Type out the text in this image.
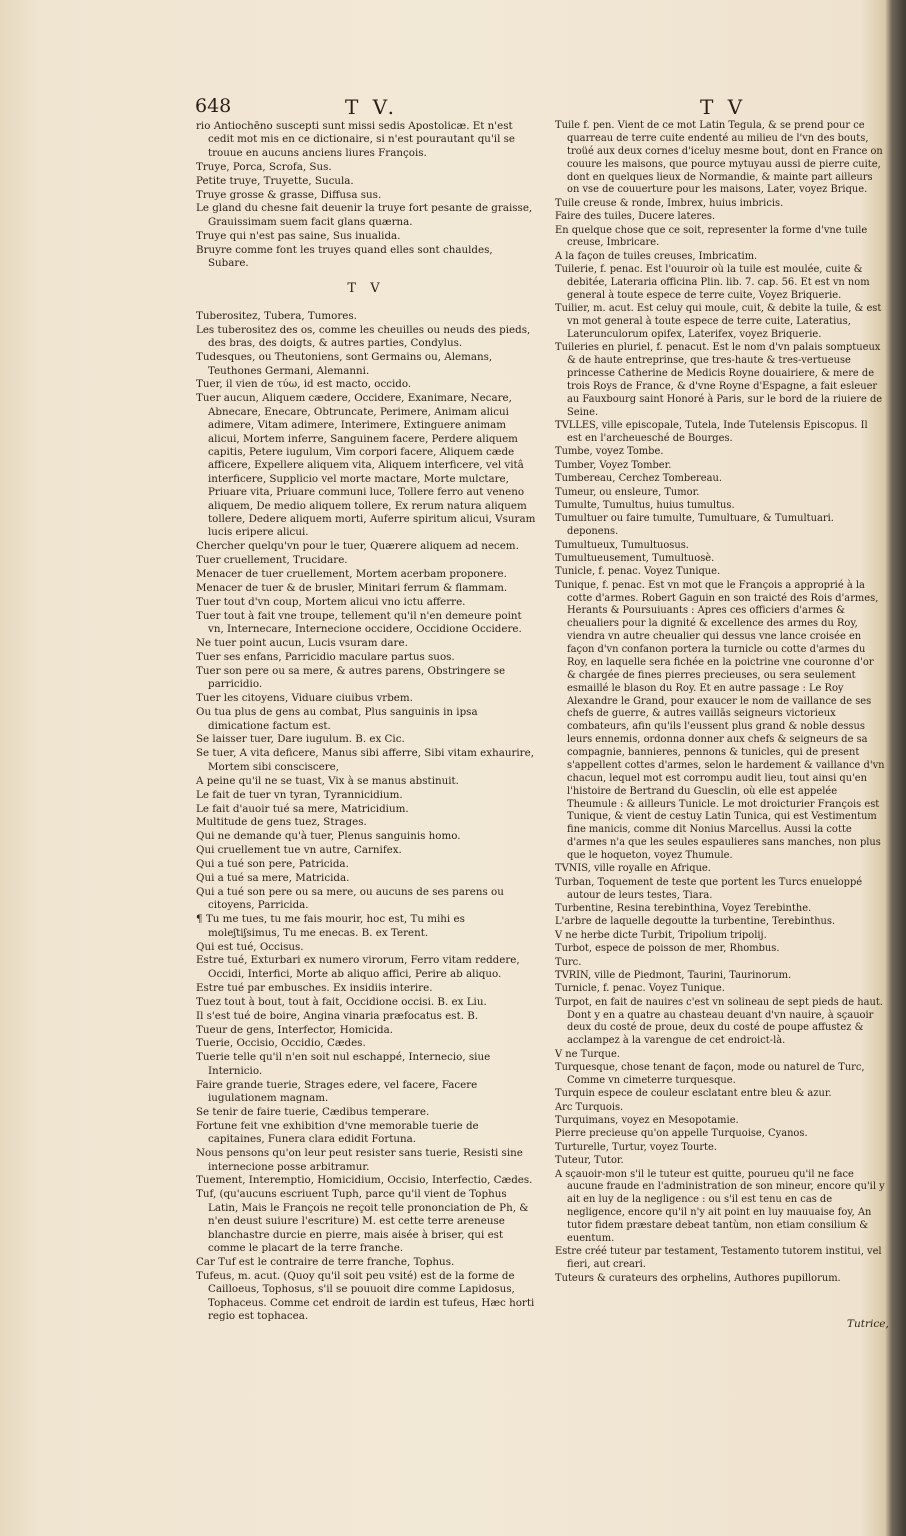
648	T V.	T V
rio Antiochēno suscepti sunt missi sedis Apostolicæ. Et n'est cedit mot mis en ce dictionaire, si n'est pourautant qu'il se trouue en aucuns anciens liures François.
Truye, Porca, Scrofa, Sus.
Petite truye, Truyette, Sucula.
Truye grosse & grasse, Diffusa sus.
Le gland du chesne fait deuenir la truye fort pesante de graisse, Grauissimam suem facit glans quærna.
Truye qui n'est pas saine, Sus inualida.
Bruyre comme font les truyes quand elles sont chauldes, Subare.
T V
Tuberositez, Tubera, Tumores.
Les tuberositez des os, comme les cheuilles ou neuds des pieds, des bras, des doigts, & autres parties, Condylus.
Tudesques, ou Theutoniens, sont Germains ou, Alemans, Teuthones Germani, Alemanni.
Tuer, il vien de τύω, id est macto, occido.
Tuer aucun, Aliquem cædere, Occidere, Exanimare, Necare, Abnecare, Enecare, Obtruncate, Perimere, Animam alicui adimere, Vitam adimere, Interimere, Extinguere animam alicui, Mortem inferre, Sanguinem facere, Perdere aliquem capitis, Petere iugulum, Vim corpori facere, Aliquem cæde afficere, Expellere aliquem vita, Aliquem interficere, vel vitâ interficere, Supplicio vel morte mactare, Morte mulctare, Priuare vita, Priuare communi luce, Tollere ferro aut veneno aliquem, De medio aliquem tollere, Ex rerum natura aliquem tollere, Dedere aliquem morti, Auferre spiritum alicui, Vsuram lucis eripere alicui.
Chercher quelqu'vn pour le tuer, Quærere aliquem ad necem.
Tuer cruellement, Trucidare.
Menacer de tuer cruellement, Mortem acerbam proponere.
Menacer de tuer & de brusler, Minitari ferrum & flammam.
Tuer tout d'vn coup, Mortem alicui vno ictu afferre.
Tuer tout à fait vne troupe, tellement qu'il n'en demeure point vn, Internecare, Internecione occidere, Occidione Occidere.
Ne tuer point aucun, Lucis vsuram dare.
Tuer ses enfans, Parricidio maculare partus suos.
Tuer son pere ou sa mere, & autres parens, Obstringere se parricidio.
Tuer les citoyens, Viduare ciuibus vrbem.
Ou tua plus de gens au combat, Plus sanguinis in ipsa dimicatione factum est.
Se laisser tuer, Dare iugulum. B. ex Cic.
Se tuer, A vita deficere, Manus sibi afferre, Sibi vitam exhaurire, Mortem sibi consciscere,
A peine qu'il ne se tuast, Vix à se manus abstinuit.
Le fait de tuer vn tyran, Tyrannicidium.
Le fait d'auoir tué sa mere, Matricidium.
Multitude de gens tuez, Strages.
Qui ne demande qu'à tuer, Plenus sanguinis homo.
Qui cruellement tue vn autre, Carnifex.
Qui a tué son pere, Patricida.
Qui a tué sa mere, Matricida.
Qui a tué son pere ou sa mere, ou aucuns de ses parens ou citoyens, Parricida.
¶ Tu me tues, tu me fais mourir, hoc est, Tu mihi es moleʃtiʃsimus, Tu me enecas. B. ex Terent.
Qui est tué, Occisus.
Estre tué, Exturbari ex numero virorum, Ferro vitam reddere, Occidi, Interfici, Morte ab aliquo affici, Perire ab aliquo.
Estre tué par embusches. Ex insidiis interire.
Tuez tout à bout, tout à fait, Occidione occisi. B. ex Liu.
Il s'est tué de boire, Angina vinaria præfocatus est. B.
Tueur de gens, Interfector, Homicida.
Tuerie, Occisio, Occidio, Cædes.
Tuerie telle qu'il n'en soit nul eschappé, Internecio, siue Internicio.
Faire grande tuerie, Strages edere, vel facere, Facere iugulationem magnam.
Se tenir de faire tuerie, Cædibus temperare.
Fortune feit vne exhibition d'vne memorable tuerie de capitaines, Funera clara edidit Fortuna.
Nous pensons qu'on leur peut resister sans tuerie, Resisti sine internecione posse arbitramur.
Tuement, Interemptio, Homicidium, Occisio, Interfectio, Cædes.
Tuf, (qu'aucuns escriuent Tuph, parce qu'il vient de Tophus Latin, Mais le François ne reçoit telle prononciation de Ph, & n'en deust suiure l'escriture) M. est cette terre areneuse blanchastre durcie en pierre, mais aisée à briser, qui est comme le placart de la terre franche.
Car Tuf est le contraire de terre franche, Tophus.
Tufeus, m. acut. (Quoy qu'il soit peu vsité) est de la forme de Cailloeus, Tophosus, s'il se pouuoit dire comme Lapidosus, Tophaceus. Comme cet endroit de iardin est tufeus, Hæc horti regio est tophacea.
Tuile f. pen. Vient de ce mot Latin Tegula, & se prend pour ce quarreau de terre cuite endenté au milieu de l'vn des bouts, troüé aux deux cornes d'iceluy mesme bout, dont en France on couure les maisons, que pource mytuyau aussi de pierre cuite, dont en quelques lieux de Normandie, & mainte part ailleurs on vse de couuerture pour les maisons, Later, voyez Brique.
Tuile creuse & ronde, Imbrex, huius imbricis.
Faire des tuiles, Ducere lateres.
En quelque chose que ce soit, representer la forme d'vne tuile creuse, Imbricare.
A la façon de tuiles creuses, Imbricatim.
Tuilerie, f. penac. Est l'ouuroir où la tuile est moulée, cuite & debitée, Lateraria officina Plin. lib. 7. cap. 56. Et est vn nom general à toute espece de terre cuite, Voyez Briquerie.
Tuilier, m. acut. Est celuy qui moule, cuit, & debite la tuile, & est vn mot general à toute espece de terre cuite, Lateratius, Laterunculorum opifex, Laterifex, voyez Briquerie.
Tuileries en pluriel, f. penacut. Est le nom d'vn palais somptueux & de haute entreprinse, que tres-haute & tres-vertueuse princesse Catherine de Medicis Royne douairiere, & mere de trois Roys de France, & d'vne Royne d'Espagne, a fait esleuer au Fauxbourg saint Honoré à Paris, sur le bord de la riuiere de Seine.
TVLLES, ville episcopale, Tutela, Inde Tutelensis Episcopus. Il est en l'archeuesché de Bourges.
Tumbe, voyez Tombe.
Tumber, Voyez Tomber.
Tumbereau, Cerchez Tombereau.
Tumeur, ou ensleure, Tumor.
Tumulte, Tumultus, huius tumultus.
Tumultuer ou faire tumulte, Tumultuare, & Tumultuari. deponens.
Tumultueux, Tumultuosus.
Tumultueusement, Tumultuosè.
Tunicle, f. penac. Voyez Tunique.
Tunique, f. penac. Est vn mot que le François a approprié à la cotte d'armes. Robert Gaguin en son traicté des Rois d'armes, Herants & Poursuiuants : Apres ces officiers d'armes & cheualiers pour la dignité & excellence des armes du Roy, viendra vn autre cheualier qui dessus vne lance croisée en façon d'vn confanon portera la turnicle ou cotte d'armes du Roy, en laquelle sera fichée en la poictrine vne couronne d'or & chargée de fines pierres precieuses, ou sera seulement esmaillé le blason du Roy. Et en autre passage : Le Roy Alexandre le Grand, pour exaucer le nom de vaillance de ses chefs de guerre, & autres vaillās seigneurs victorieux combateurs, afin qu'ils l'eussent plus grand & noble dessus leurs ennemis, ordonna donner aux chefs & seigneurs de sa compagnie, bannieres, pennons & tunicles, qui de present s'appellent cottes d'armes, selon le hardement & vaillance d'vn chacun, lequel mot est corrompu audit lieu, tout ainsi qu'en l'histoire de Bertrand du Guesclin, où elle est appelée Theumule : & ailleurs Tunicle. Le mot droicturier François est Tunique, & vient de cestuy Latin Tunica, qui est Vestimentum fine manicis, comme dit Nonius Marcellus. Aussi la cotte d'armes n'a que les seules espaulieres sans manches, non plus que le hoqueton, voyez Thumule.
TVNIS, ville royalle en Afrique.
Turban, Toquement de teste que portent les Turcs enueloppé autour de leurs testes, Tiara.
Turbentine, Resina terebinthina, Voyez Terebinthe.
L'arbre de laquelle degoutte la turbentine, Terebinthus.
V ne herbe dicte Turbit, Tripolium tripolij.
Turbot, espece de poisson de mer, Rhombus.
Turc.
TVRIN, ville de Piedmont, Taurini, Taurinorum.
Turnicle, f. penac. Voyez Tunique.
Turpot, en fait de nauires c'est vn solineau de sept pieds de haut. Dont y en a quatre au chasteau deuant d'vn nauire, à sçauoir deux du costé de proue, deux du costé de poupe affustez & acclampez à la varengue de cet endroict-là.
V ne Turque.
Turquesque, chose tenant de façon, mode ou naturel de Turc, Comme vn cimeterre turquesque.
Turquin espece de couleur esclatant entre bleu & azur.
Arc Turquois.
Turquimans, voyez en Mesopotamie.
Pierre precieuse qu'on appelle Turquoise, Cyanos.
Turturelle, Turtur, voyez Tourte.
Tuteur, Tutor.
A sçauoir-mon s'il le tuteur est quitte, pourueu qu'il ne face aucune fraude en l'administration de son mineur, encore qu'il y ait en luy de la negligence : ou s'il est tenu en cas de negligence, encore qu'il n'y ait point en luy mauuaise foy, An tutor fidem præstare debeat tantùm, non etiam consilium & euentum.
Estre créé tuteur par testament, Testamento tutorem institui, vel fieri, aut creari.
Tuteurs & curateurs des orphelins, Authores pupillorum.
Tutrice,
